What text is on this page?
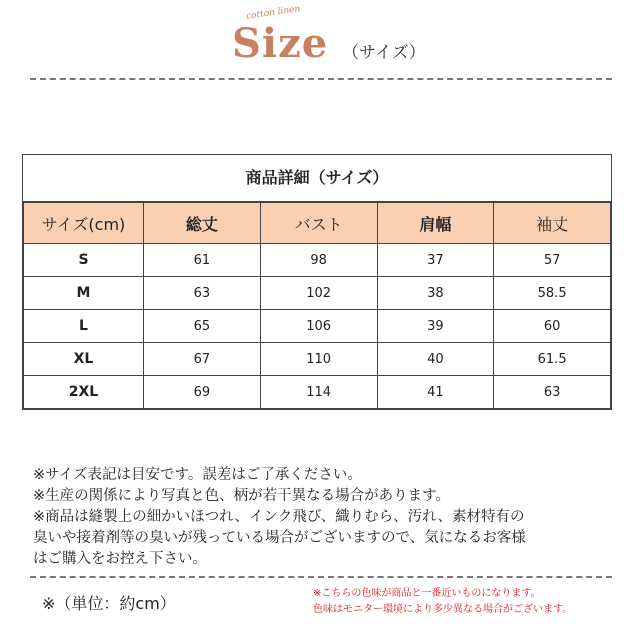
cotton linen
Size （サイズ）
商品詳細（サイズ）
サイズ(cm)	総丈	バスト	肩幅	袖丈
S	61	98	37	57
M	63	102	38	58.5
L	65	106	39	60
XL	67	110	40	61.5
2XL	69	114	41	63
※サイズ表記は目安です。誤差はご了承ください。
※生産の関係により写真と色、柄が若干異なる場合があります。
※商品は縫製上の細かいほつれ、インク飛び、織りむら、汚れ、素材特有の
臭いや接着剤等の臭いが残っている場合がございますので、気になるお客様
はご購入をお控え下さい。
※（単位：約cm）
※こちらの色味が商品と一番近いものになります。
色味はモニター環境により多少異なる場合がございます。
